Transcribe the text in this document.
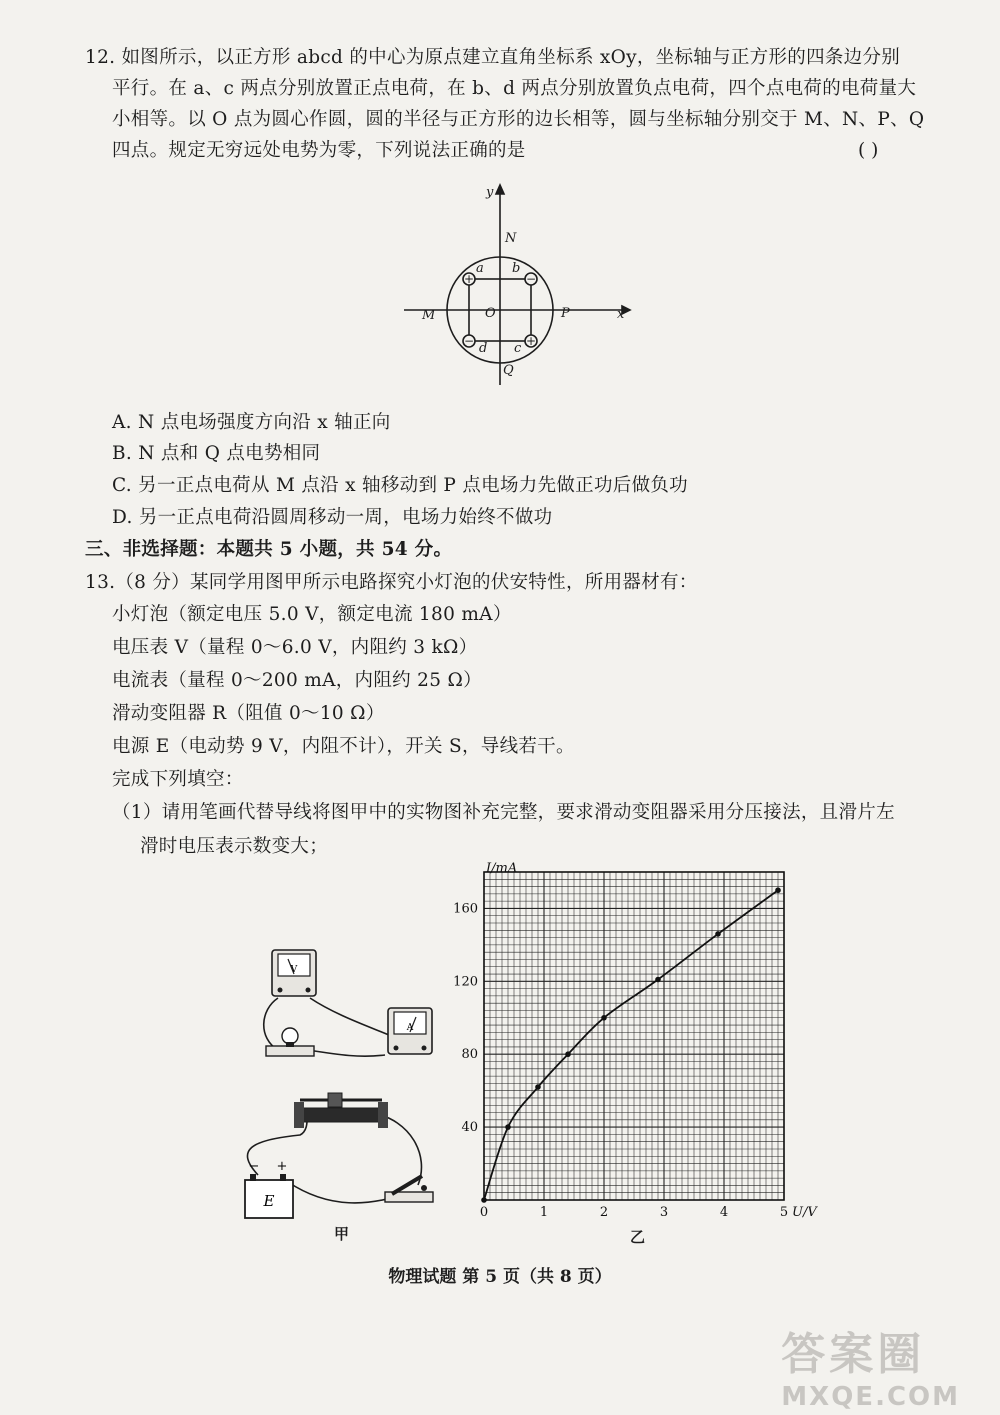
12. 如图所示，以正方形 abcd 的中心为原点建立直角坐标系 xOy，坐标轴与正方形的四条边分别
平行。在 a、c 两点分别放置正点电荷，在 b、d 两点分别放置负点电荷，四个点电荷的电荷量大
小相等。以 O 点为圆心作圆，圆的半径与正方形的边长相等，圆与坐标轴分别交于 M、N、P、Q
四点。规定无穷远处电势为零，下列说法正确的是	( )
+	−
+
−
y
x
N
M	P
Q
O
a b
c
d
A. N 点电场强度方向沿 x 轴正向
B. N 点和 Q 点电势相同
C. 另一正点电荷从 M 点沿 x 轴移动到 P 点电场力先做正功后做负功
D. 另一正点电荷沿圆周移动一周，电场力始终不做功
三、非选择题：本题共 5 小题，共 54 分。
13.（8 分）某同学用图甲所示电路探究小灯泡的伏安特性，所用器材有：
小灯泡（额定电压 5.0 V，额定电流 180 mA）
电压表 V（量程 0～6.0 V，内阻约 3 kΩ）
电流表（量程 0～200 mA，内阻约 25 Ω）
滑动变阻器 R（阻值 0～10 Ω）
电源 E（电动势 9 V，内阻不计），开关 S，导线若干。
完成下列填空：
（1）请用笔画代替导线将图甲中的实物图补充完整，要求滑动变阻器采用分压接法，且滑片左
滑时电压表示数变大；
V
A
− +
E
甲
0	1	2	3	4	5
40
80
120
160
I/mA
U/V
乙
物理试题 第 5 页（共 8 页）
答案圈
MXQE.COM
